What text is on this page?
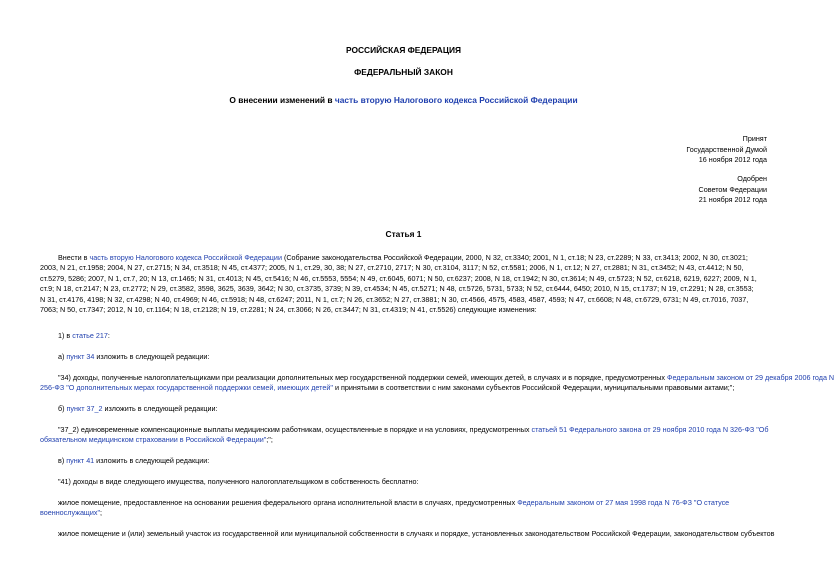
РОССИЙСКАЯ ФЕДЕРАЦИЯ
ФЕДЕРАЛЬНЫЙ ЗАКОН
О внесении изменений в часть вторую Налогового кодекса Российской Федерации
Принят
Государственной Думой
16 ноября 2012 года
Одобрен
Советом Федерации
21 ноября 2012 года
Статья 1
Внести в часть вторую Налогового кодекса Российской Федерации (Собрание законодательства Российской Федерации, 2000, N 32, ст.3340; 2001, N 1, ст.18; N 23, ст.2289; N 33, ст.3413; 2002, N 30, ст.3021;
2003, N 21, ст.1958; 2004, N 27, ст.2715; N 34, ст.3518; N 45, ст.4377; 2005, N 1, ст.29, 30, 38; N 27, ст.2710, 2717; N 30, ст.3104, 3117; N 52, ст.5581; 2006, N 1, ст.12; N 27, ст.2881; N 31, ст.3452; N 43, ст.4412; N 50,
ст.5279, 5286; 2007, N 1, ст.7, 20; N 13, ст.1465; N 31, ст.4013; N 45, ст.5416; N 46, ст.5553, 5554; N 49, ст.6045, 6071; N 50, ст.6237; 2008, N 18, ст.1942; N 30, ст.3614; N 49, ст.5723; N 52, ст.6218, 6219, 6227; 2009, N 1,
ст.9; N 18, ст.2147; N 23, ст.2772; N 29, ст.3582, 3598, 3625, 3639, 3642; N 30, ст.3735, 3739; N 39, ст.4534; N 45, ст.5271; N 48, ст.5726, 5731, 5733; N 52, ст.6444, 6450; 2010, N 15, ст.1737; N 19, ст.2291; N 28, ст.3553;
N 31, ст.4176, 4198; N 32, ст.4298; N 40, ст.4969; N 46, ст.5918; N 48, ст.6247; 2011, N 1, ст.7; N 26, ст.3652; N 27, ст.3881; N 30, ст.4566, 4575, 4583, 4587, 4593; N 47, ст.6608; N 48, ст.6729, 6731; N 49, ст.7016, 7037,
7063; N 50, ст.7347; 2012, N 10, ст.1164; N 18, ст.2128; N 19, ст.2281; N 24, ст.3066; N 26, ст.3447; N 31, ст.4319; N 41, ст.5526) следующие изменения:
1) в статье 217:
а) пункт 34 изложить в следующей редакции:
"34) доходы, полученные налогоплательщиками при реализации дополнительных мер государственной поддержки семей, имеющих детей, в случаях и в порядке, предусмотренных Федеральным законом от 29 декабря 2006 года N
256-ФЗ "О дополнительных мерах государственной поддержки семей, имеющих детей" и принятыми в соответствии с ним законами субъектов Российской Федерации, муниципальными правовыми актами;";
б) пункт 37_2 изложить в следующей редакции:
"37_2) единовременные компенсационные выплаты медицинским работникам, осуществленные в порядке и на условиях, предусмотренных статьей 51 Федерального закона от 29 ноября 2010 года N 326-ФЗ "Об
обязательном медицинском страховании в Российской Федерации";";
в) пункт 41 изложить в следующей редакции:
"41) доходы в виде следующего имущества, полученного налогоплательщиком в собственность бесплатно:
жилое помещение, предоставленное на основании решения федерального органа исполнительной власти в случаях, предусмотренных Федеральным законом от 27 мая 1998 года N 76-ФЗ "О статусе
военнослужащих";
жилое помещение и (или) земельный участок из государственной или муниципальной собственности в случаях и порядке, установленных законодательством Российской Федерации, законодательством субъектов
